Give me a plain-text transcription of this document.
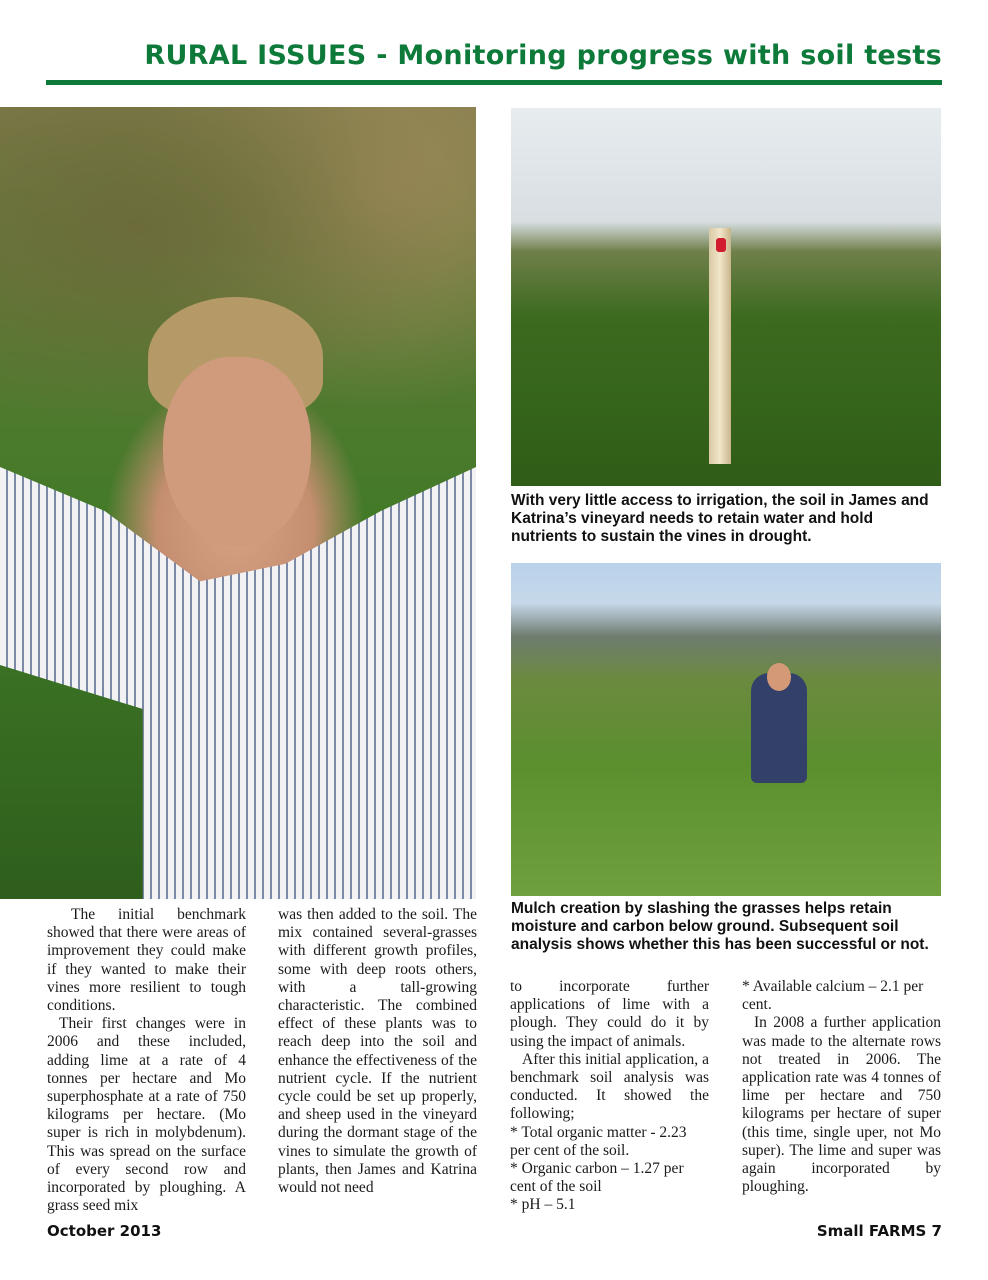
RURAL ISSUES - Monitoring progress with soil tests

With very little access to irrigation, the soil in James and Katrina’s vineyard needs to retain water and hold nutrients to sustain the vines in drought.

Mulch creation by slashing the grasses helps retain moisture and carbon below ground. Subsequent soil analysis shows whether this has been successful or not.

The initial benchmark showed that there were areas of improvement they could make if they wanted to make their vines more resilient to tough conditions.

Their first changes were in 2006 and these included, adding lime at a rate of 4 tonnes per hectare and Mo superphosphate at a rate of 750 kilograms per hectare. (Mo super is rich in molybdenum). This was spread on the surface of every second row and incorporated by ploughing. A grass seed mix

was then added to the soil. The mix contained several-grasses with different growth profiles, some with deep roots others, with a tall-growing characteristic. The combined effect of these plants was to reach deep into the soil and enhance the effectiveness of the nutrient cycle. If the nutrient cycle could be set up properly, and sheep used in the vineyard during the dormant stage of the vines to simulate the growth of plants, then James and Katrina would not need

to incorporate further applications of lime with a plough. They could do it by using the impact of animals.

After this initial application, a benchmark soil analysis was conducted. It showed the following;

* Total organic matter - 2.23 per cent of the soil.

* Organic carbon – 1.27 per cent of the soil

* pH – 5.1

* Available calcium – 2.1 per cent.

In 2008 a further application was made to the alternate rows not treated in 2006. The application rate was 4 tonnes of lime per hectare and 750 kilograms per hectare of super (this time, single uper, not Mo super). The lime and super was again incorporated by ploughing.

October 2013	Small FARMS 7
